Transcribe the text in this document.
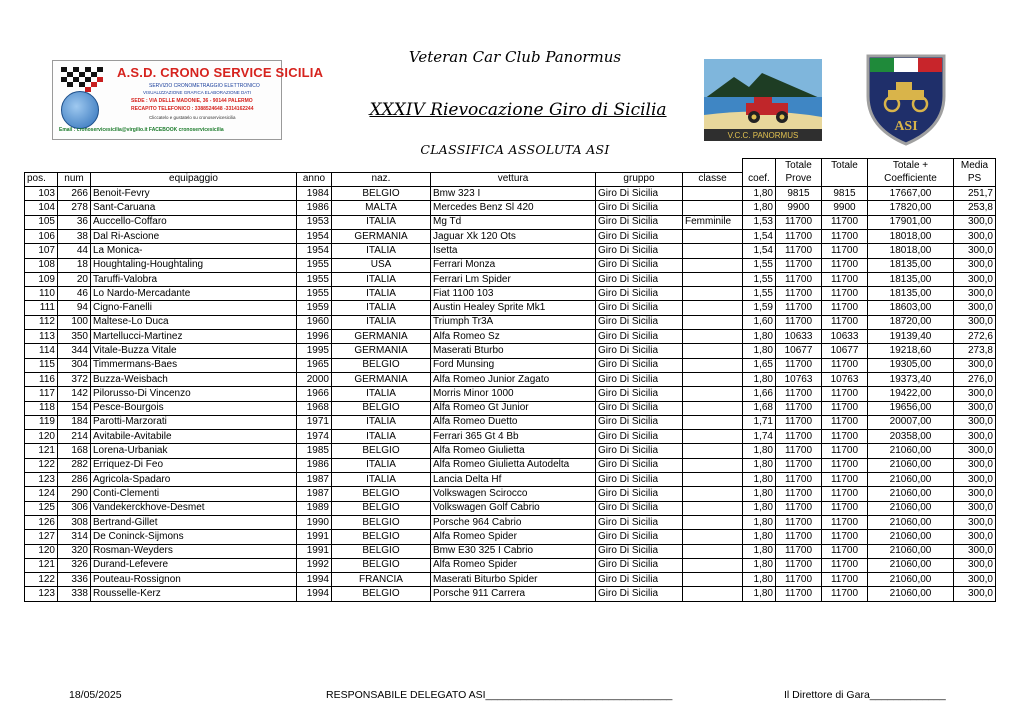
A.S.D. CRONO SERVICE SICILIA
SERVIZIO CRONOMETRAGGIO ELETTRONICO
VISUALIZZAZIONE GRAFICA ELABORAZIONE DATI
SEDE : VIA DELLE MADONIE, 36 - 90144 PALERMO
RECAPITO TELEFONICO : 3388524648 -3314162244
Cliccatelo e gustatelo su cronoservicesicilia
Email : cronoservicesicilia@virgilio.it FACEBOOK cronoservicesicilia
Veteran Car Club Panormus
XXXIV Rievocazione Giro di Sicilia
CLASSIFICA ASSOLUTA ASI
V.C.C. PANORMUS
ASI
									Totale	Totale	Totale +	Media
pos.	num	equipaggio	anno	naz.	vettura	gruppo	classe	coef.	Prove		Coefficiente	PS
103	266	Benoit-Fevry	1984	BELGIO	Bmw 323 I	Giro Di Sicilia		1,80	9815	9815	17667,00	251,7
104	278	Sant-Caruana	1986	MALTA	Mercedes Benz Sl 420	Giro Di Sicilia		1,80	9900	9900	17820,00	253,8
105	36	Auccello-Coffaro	1953	ITALIA	Mg Td	Giro Di Sicilia	Femminile	1,53	11700	11700	17901,00	300,0
106	38	Dal Ri-Ascione	1954	GERMANIA	Jaguar Xk 120 Ots	Giro Di Sicilia		1,54	11700	11700	18018,00	300,0
107	44	La Monica-	1954	ITALIA	Isetta	Giro Di Sicilia		1,54	11700	11700	18018,00	300,0
108	18	Houghtaling-Houghtaling	1955	USA	Ferrari Monza	Giro Di Sicilia		1,55	11700	11700	18135,00	300,0
109	20	Taruffi-Valobra	1955	ITALIA	Ferrari Lm Spider	Giro Di Sicilia		1,55	11700	11700	18135,00	300,0
110	46	Lo Nardo-Mercadante	1955	ITALIA	Fiat 1100 103	Giro Di Sicilia		1,55	11700	11700	18135,00	300,0
111	94	Cigno-Fanelli	1959	ITALIA	Austin Healey Sprite Mk1	Giro Di Sicilia		1,59	11700	11700	18603,00	300,0
112	100	Maltese-Lo Duca	1960	ITALIA	Triumph Tr3A	Giro Di Sicilia		1,60	11700	11700	18720,00	300,0
113	350	Martellucci-Martinez	1996	GERMANIA	Alfa Romeo Sz	Giro Di Sicilia		1,80	10633	10633	19139,40	272,6
114	344	Vitale-Buzza Vitale	1995	GERMANIA	Maserati Bturbo	Giro Di Sicilia		1,80	10677	10677	19218,60	273,8
115	304	Timmermans-Baes	1965	BELGIO	Ford Munsing	Giro Di Sicilia		1,65	11700	11700	19305,00	300,0
116	372	Buzza-Weisbach	2000	GERMANIA	Alfa Romeo Junior Zagato	Giro Di Sicilia		1,80	10763	10763	19373,40	276,0
117	142	Pilorusso-Di Vincenzo	1966	ITALIA	Morris Minor 1000	Giro Di Sicilia		1,66	11700	11700	19422,00	300,0
118	154	Pesce-Bourgois	1968	BELGIO	Alfa Romeo Gt Junior	Giro Di Sicilia		1,68	11700	11700	19656,00	300,0
119	184	Parotti-Marzorati	1971	ITALIA	Alfa Romeo Duetto	Giro Di Sicilia		1,71	11700	11700	20007,00	300,0
120	214	Avitabile-Avitabile	1974	ITALIA	Ferrari 365 Gt 4 Bb	Giro Di Sicilia		1,74	11700	11700	20358,00	300,0
121	168	Lorena-Urbaniak	1985	BELGIO	Alfa Romeo Giulietta	Giro Di Sicilia		1,80	11700	11700	21060,00	300,0
122	282	Erriquez-Di Feo	1986	ITALIA	Alfa Romeo Giulietta Autodelta	Giro Di Sicilia		1,80	11700	11700	21060,00	300,0
123	286	Agricola-Spadaro	1987	ITALIA	Lancia Delta Hf	Giro Di Sicilia		1,80	11700	11700	21060,00	300,0
124	290	Conti-Clementi	1987	BELGIO	Volkswagen Scirocco	Giro Di Sicilia		1,80	11700	11700	21060,00	300,0
125	306	Vandekerckhove-Desmet	1989	BELGIO	Volkswagen Golf Cabrio	Giro Di Sicilia		1,80	11700	11700	21060,00	300,0
126	308	Bertrand-Gillet	1990	BELGIO	Porsche 964 Cabrio	Giro Di Sicilia		1,80	11700	11700	21060,00	300,0
127	314	De Coninck-Sijmons	1991	BELGIO	Alfa Romeo Spider	Giro Di Sicilia		1,80	11700	11700	21060,00	300,0
120	320	Rosman-Weyders	1991	BELGIO	Bmw E30 325 I Cabrio	Giro Di Sicilia		1,80	11700	11700	21060,00	300,0
121	326	Durand-Lefevere	1992	BELGIO	Alfa Romeo Spider	Giro Di Sicilia		1,80	11700	11700	21060,00	300,0
122	336	Pouteau-Rossignon	1994	FRANCIA	Maserati Biturbo Spider	Giro Di Sicilia		1,80	11700	11700	21060,00	300,0
123	338	Rousselle-Kerz	1994	BELGIO	Porsche 911 Carrera	Giro Di Sicilia		1,80	11700	11700	21060,00	300,0
18/05/2025	RESPONSABILE DELEGATO ASI________________________________	Il Direttore di Gara_____________
